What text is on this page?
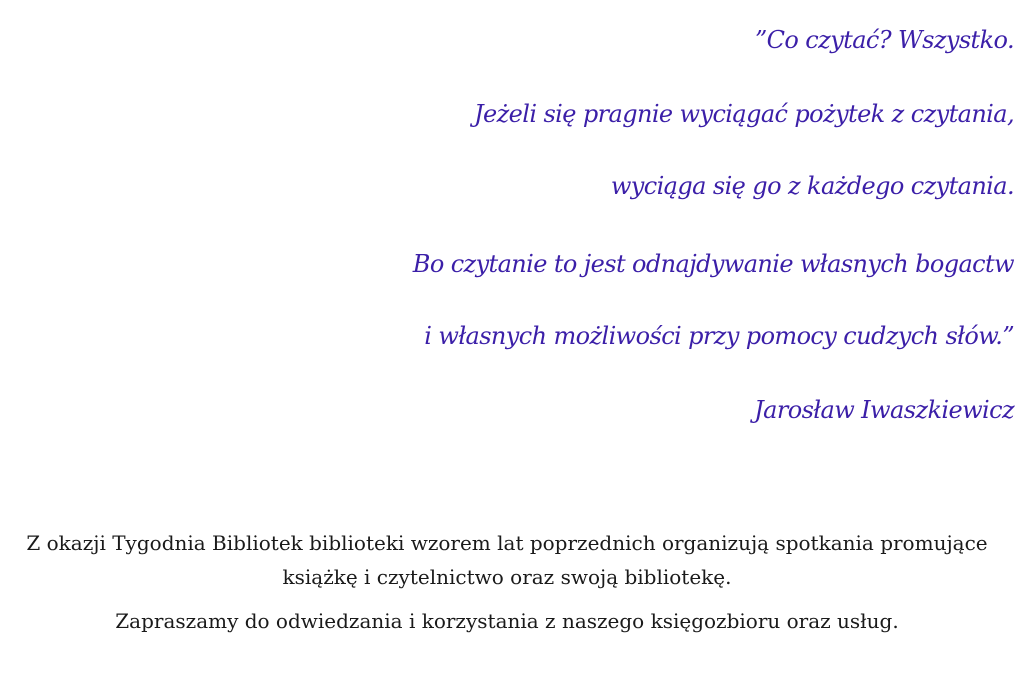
”Co czytać? Wszystko.
Jeżeli się pragnie wyciągać pożytek z czytania,
wyciąga się go z każdego czytania.
Bo czytanie to jest odnajdywanie własnych bogactw
i własnych możliwości przy pomocy cudzych słów.”
Jarosław Iwaszkiewicz
Z okazji Tygodnia Bibliotek biblioteki wzorem lat poprzednich organizują spotkania promujące książkę i czytelnictwo oraz swoją bibliotekę.
Zapraszamy do odwiedzania i korzystania z naszego księgozbioru oraz usług.
